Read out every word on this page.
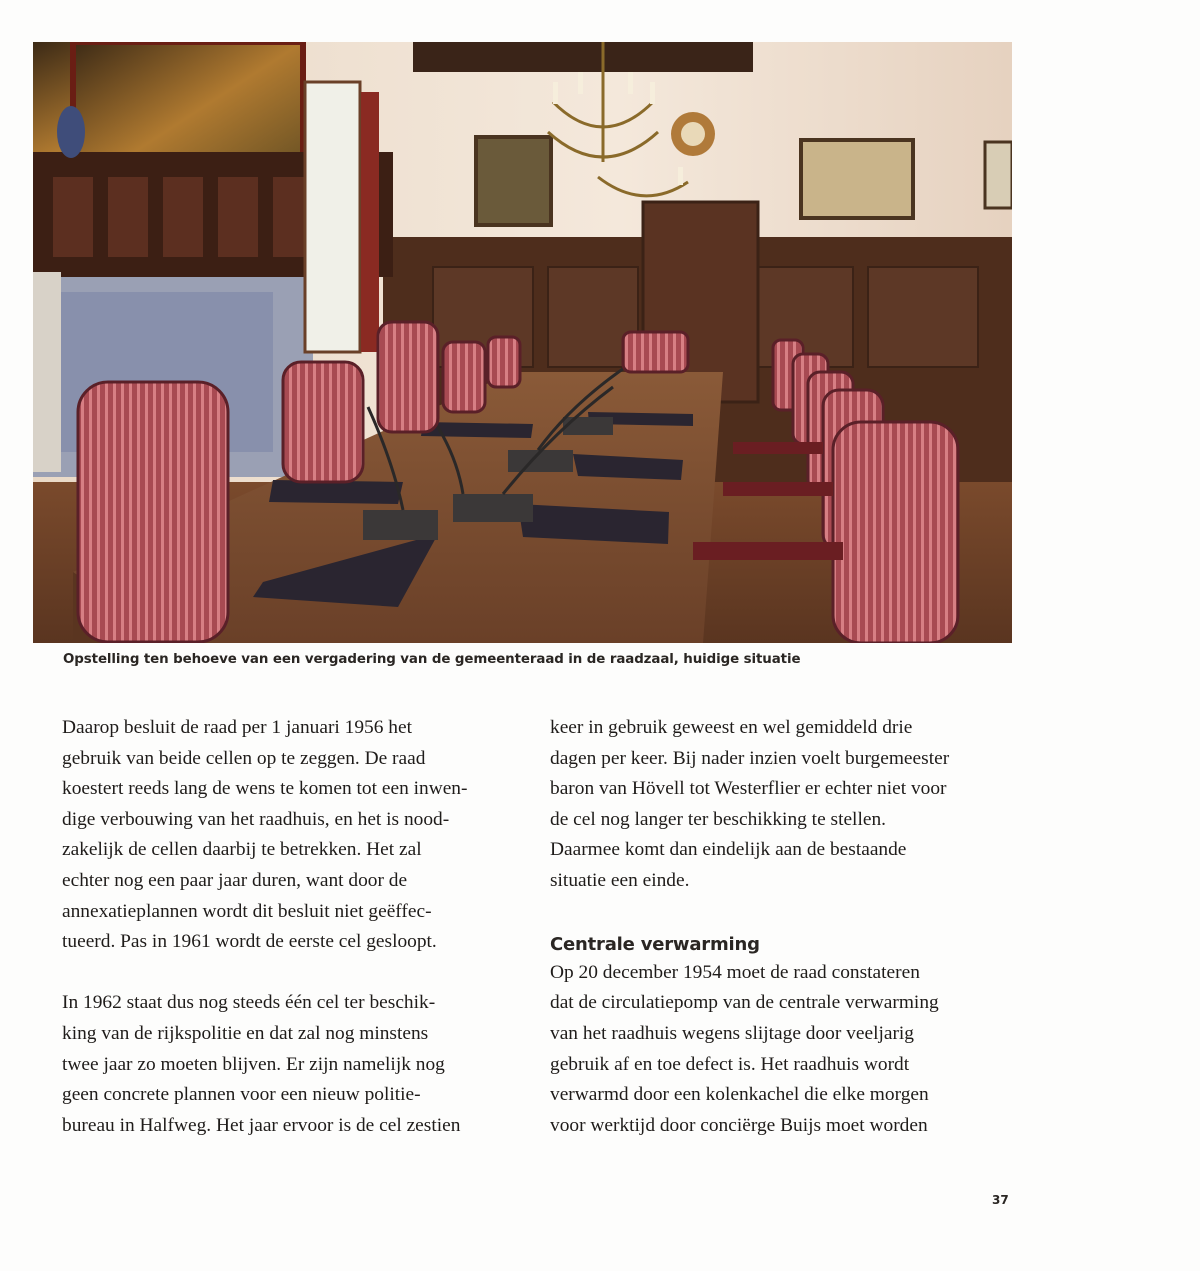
Opstelling ten behoeve van een vergadering van de gemeenteraad in de raadzaal, huidige situatie
Daarop besluit de raad per 1 januari 1956 het
gebruik van beide cellen op te zeggen. De raad
koestert reeds lang de wens te komen tot een inwen-
dige verbouwing van het raadhuis, en het is nood-
zakelijk de cellen daarbij te betrekken. Het zal
echter nog een paar jaar duren, want door de
annexatieplannen wordt dit besluit niet geëffec-
tueerd. Pas in 1961 wordt de eerste cel gesloopt.
In 1962 staat dus nog steeds één cel ter beschik-
king van de rijkspolitie en dat zal nog minstens
twee jaar zo moeten blijven. Er zijn namelijk nog
geen concrete plannen voor een nieuw politie-
bureau in Halfweg. Het jaar ervoor is de cel zestien
keer in gebruik geweest en wel gemiddeld drie
dagen per keer. Bij nader inzien voelt burgemeester
baron van Hövell tot Westerflier er echter niet voor
de cel nog langer ter beschikking te stellen.
Daarmee komt dan eindelijk aan de bestaande
situatie een einde.
Centrale verwarming
Op 20 december 1954 moet de raad constateren
dat de circulatiepomp van de centrale verwarming
van het raadhuis wegens slijtage door veeljarig
gebruik af en toe defect is. Het raadhuis wordt
verwarmd door een kolenkachel die elke morgen
voor werktijd door conciërge Buijs moet worden
37
